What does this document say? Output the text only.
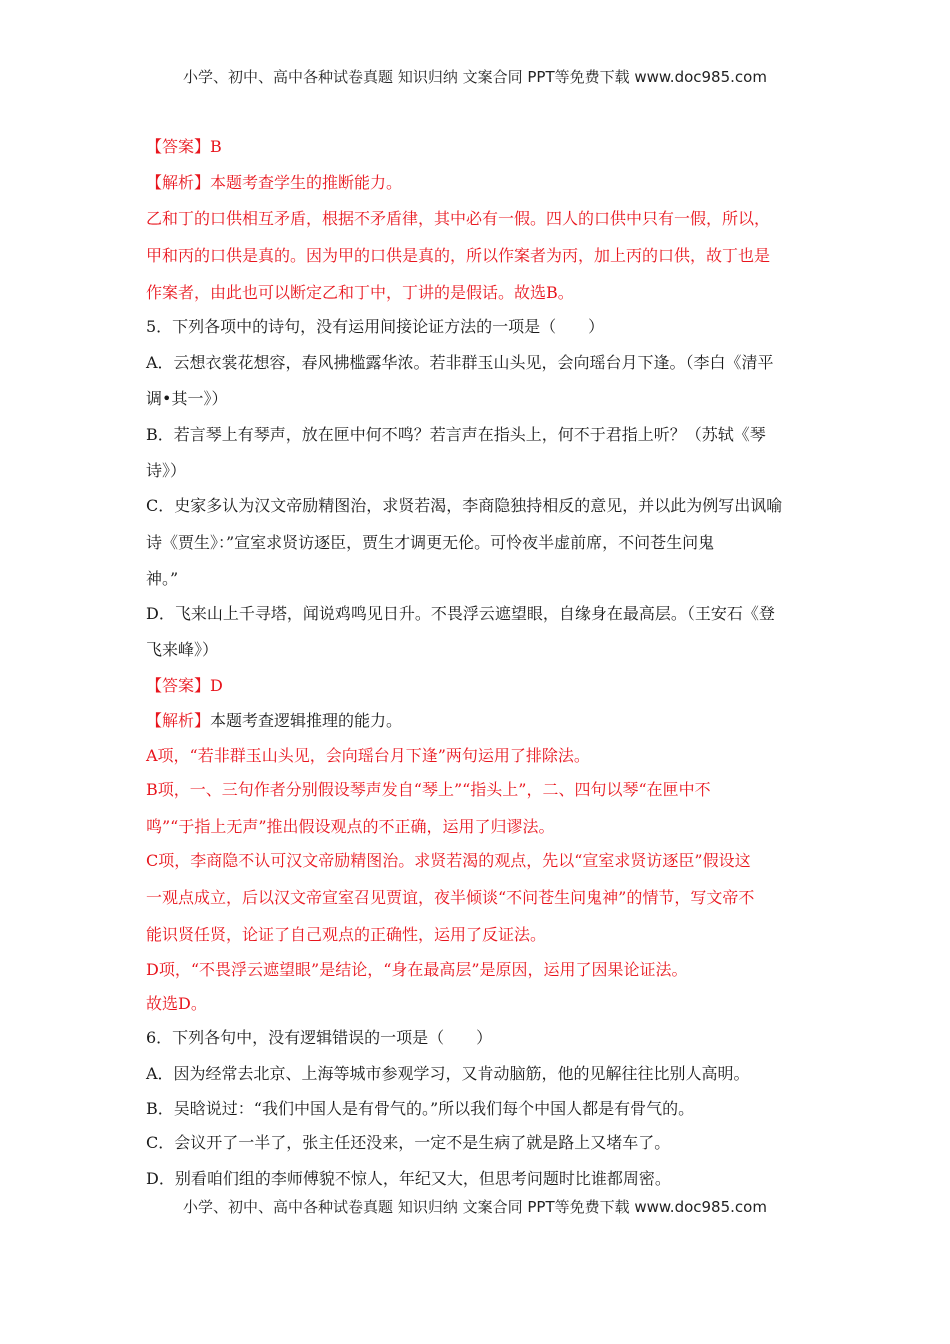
小学、初中、高中各种试卷真题 知识归纳 文案合同 PPT等免费下载 www.doc985.com
【答案】B
【解析】本题考查学生的推断能力。
乙和丁的口供相互矛盾，根据不矛盾律，其中必有一假。四人的口供中只有一假，所以，
甲和丙的口供是真的。因为甲的口供是真的，所以作案者为丙，加上丙的口供，故丁也是
作案者，由此也可以断定乙和丁中，丁讲的是假话。故选B。
5．下列各项中的诗句，没有运用间接论证方法的一项是（　　）
A．云想衣裳花想容，春风拂槛露华浓。若非群玉山头见，会向瑶台月下逢。（李白《清平
调•其一》）
B．若言琴上有琴声，放在匣中何不鸣？若言声在指头上，何不于君指上听？（苏轼《琴
诗》）
C．史家多认为汉文帝励精图治，求贤若渴，李商隐独持相反的意见，并以此为例写出讽喻
诗《贾生》：”宣室求贤访逐臣，贾生才调更无伦。可怜夜半虚前席，不问苍生问鬼
神。”
D．飞来山上千寻塔，闻说鸡鸣见日升。不畏浮云遮望眼，自缘身在最高层。（王安石《登
飞来峰》）
【答案】D
【解析】本题考查逻辑推理的能力。
A项，“若非群玉山头见，会向瑶台月下逢”两句运用了排除法。
B项，一、三句作者分别假设琴声发自“琴上”“指头上”，二、四句以琴“在匣中不
鸣”“于指上无声”推出假设观点的不正确，运用了归谬法。
C项，李商隐不认可汉文帝励精图治。求贤若渴的观点，先以“宣室求贤访逐臣”假设这
一观点成立，后以汉文帝宣室召见贾谊，夜半倾谈“不问苍生问鬼神”的情节，写文帝不
能识贤任贤，论证了自己观点的正确性，运用了反证法。
D项，“不畏浮云遮望眼”是结论，“身在最高层”是原因，运用了因果论证法。
故选D。
6．下列各句中，没有逻辑错误的一项是（　　）
A．因为经常去北京、上海等城市参观学习，又肯动脑筋，他的见解往往比别人高明。
B．吴晗说过：“我们中国人是有骨气的。”所以我们每个中国人都是有骨气的。
C．会议开了一半了，张主任还没来，一定不是生病了就是路上又堵车了。
D．别看咱们组的李师傅貌不惊人，年纪又大，但思考问题时比谁都周密。
小学、初中、高中各种试卷真题 知识归纳 文案合同 PPT等免费下载 www.doc985.com
